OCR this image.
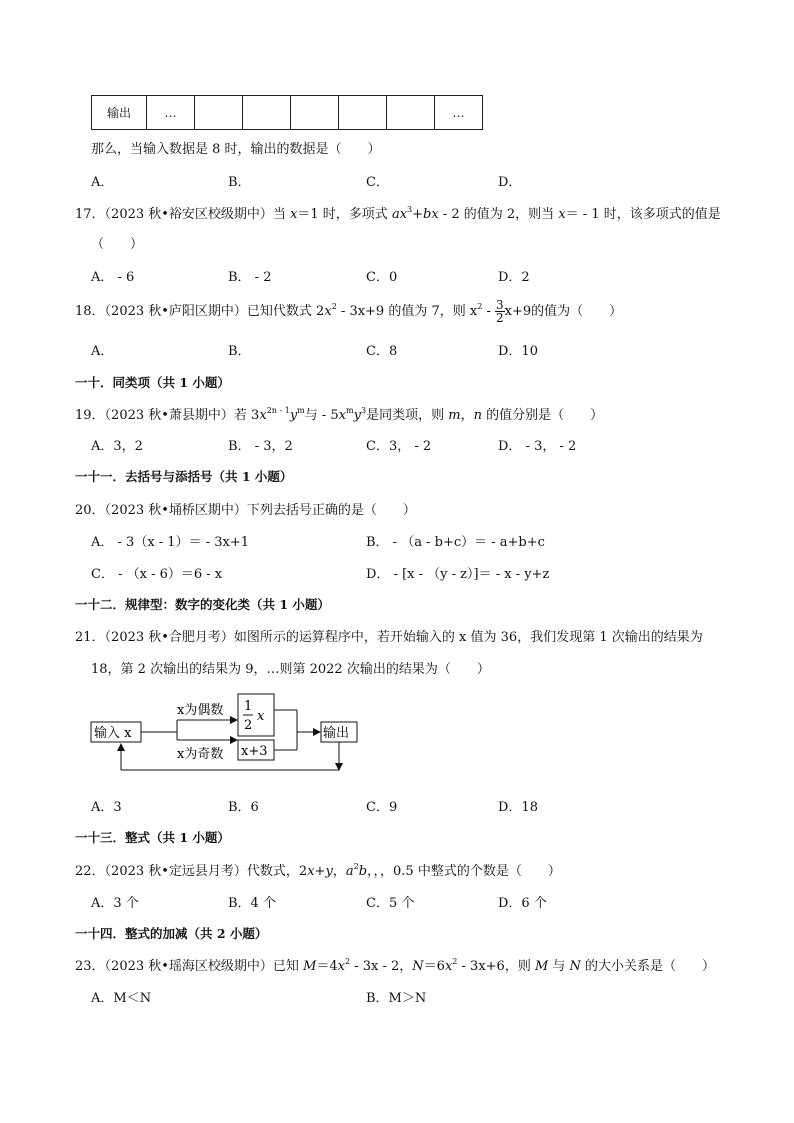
输出	…						…
那么，当输入数据是 8 时，输出的数据是（　　）
A．	B．	C．	D．
17．（2023 秋•裕安区校级期中）当 x＝1 时，多项式 $ax^3+bx - 2$ 的值为 2，则当 x＝ - 1 时，该多项式的值是
（　　）
A． - 6	B． - 2	C．0	D．2
18．（2023 秋•庐阳区期中）已知代数式 $2x^2 - 3x+9$ 的值为 7，则 $x^2 - \frac{3}{2} x+9$的值为（　　）
A．	B．	C．8	D．10
一十．同类项（共 1 小题）
19．（2023 秋•萧县期中）若 $3x^{2n - 1}y^m$与 - $5x^my^3$是同类项，则 m，n 的值分别是（　　）
A．3，2	B． - 3，2	C．3， - 2	D． - 3， - 2
一十一．去括号与添括号（共 1 小题）
20．（2023 秋•埇桥区期中）下列去括号正确的是（　　）
A． - 3（x - 1）＝ - 3x+1	B． - （a - b+c）＝ - a+b+c
C． - （x - 6）＝6 - x	D． - [x - （y - z）]＝ - x - y+z
一十二．规律型：数字的变化类（共 1 小题）
21．（2023 秋•合肥月考）如图所示的运算程序中，若开始输入的 x 值为 36，我们发现第 1 次输出的结果为
18，第 2 次输出的结果为 9，…则第 2022 次输出的结果为（　　）
输入 x
x为偶数
x为奇数
1
2
x
x+3
输出
A．3	B．6	C．9	D．18
一十三．整式（共 1 小题）
22．（2023 秋•定远县月考）代数式，2x+y，$a^2b$，，，0.5 中整式的个数是（　　）
A．3 个	B．4 个	C．5 个	D．6 个
一十四．整式的加减（共 2 小题）
23．（2023 秋•瑶海区校级期中）已知 $M=4x^2 - 3x - 2$，$N=6x^2 - 3x+6$，则 M 与 N 的大小关系是（　　）
A．M＜N	B．M＞N
